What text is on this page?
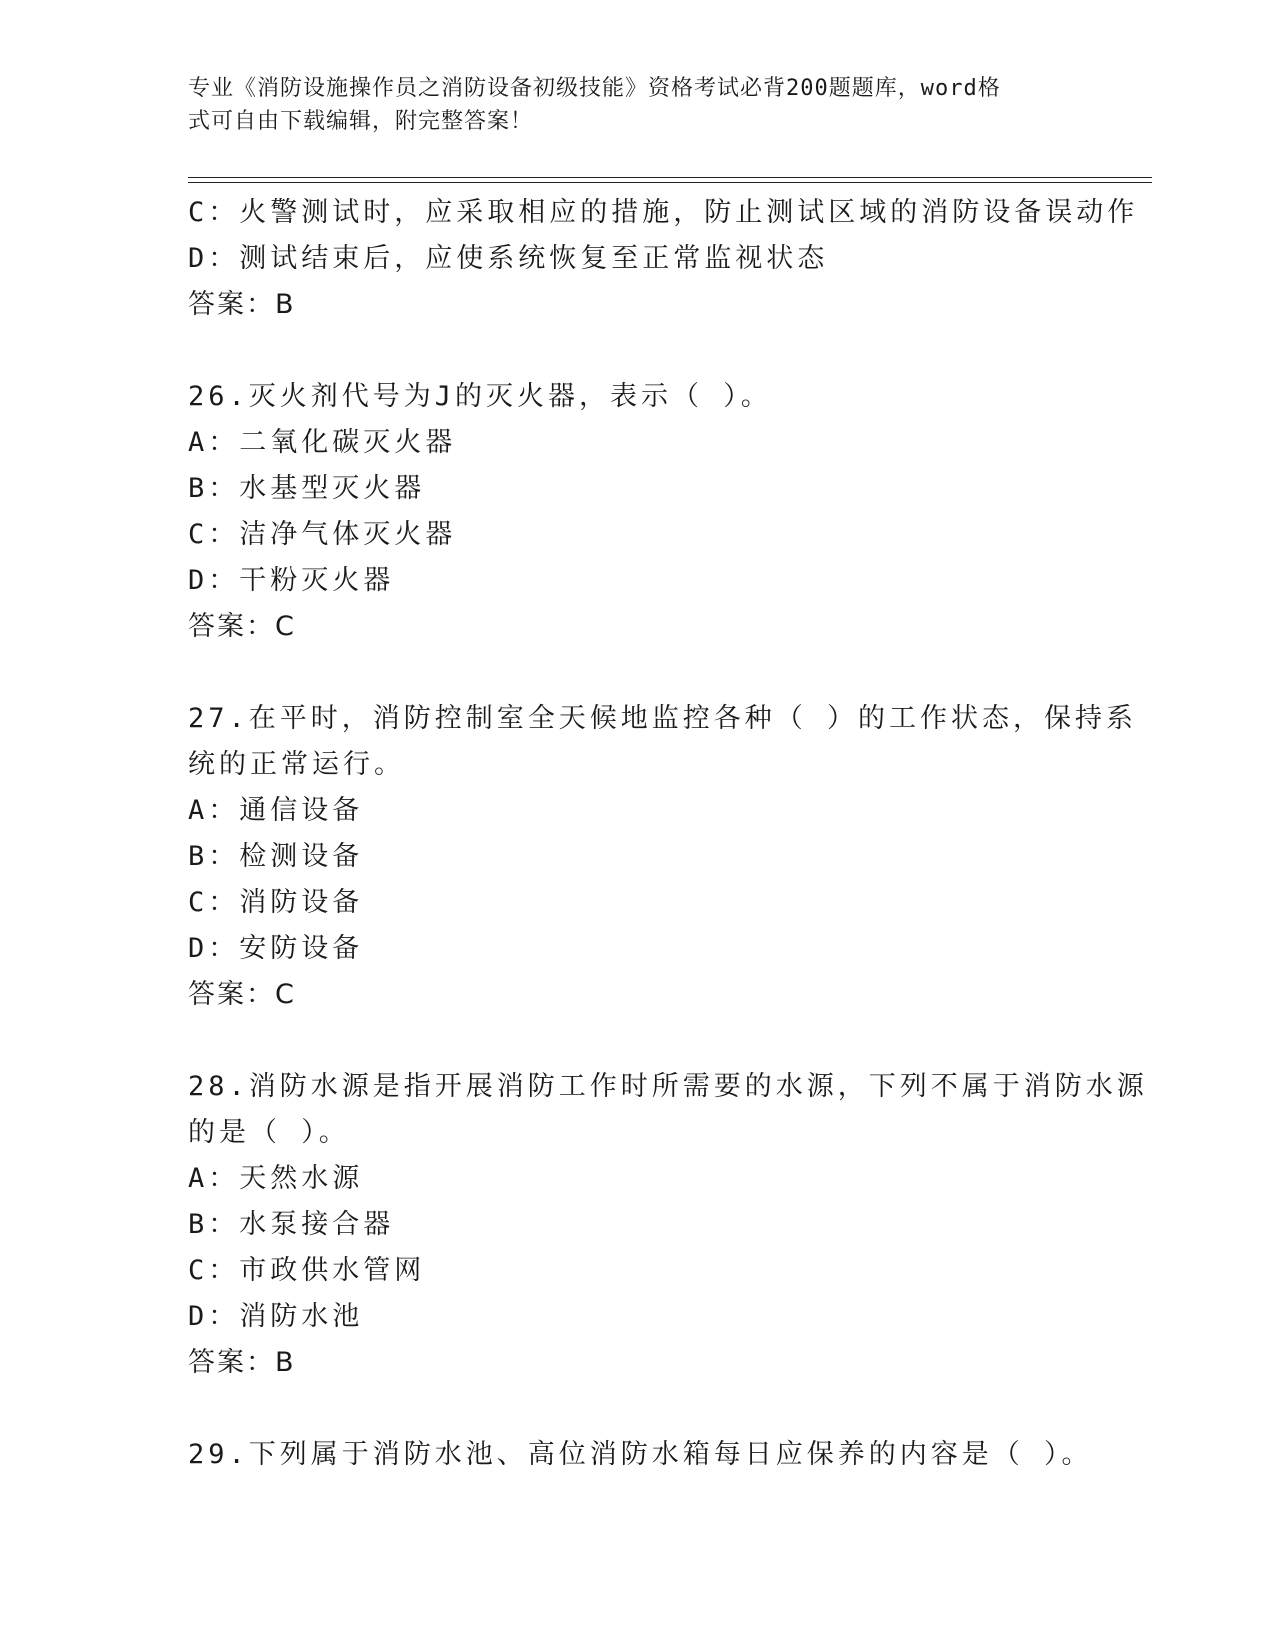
专业《消防设施操作员之消防设备初级技能》资格考试必背200题题库，word格
式可自由下载编辑，附完整答案！
C：火警测试时，应采取相应的措施，防止测试区域的消防设备误动作
D：测试结束后，应使系统恢复至正常监视状态
答案：B
26.灭火剂代号为J的灭火器，表示（ ）。
A：二氧化碳灭火器
B：水基型灭火器
C：洁净气体灭火器
D：干粉灭火器
答案：C
27.在平时，消防控制室全天候地监控各种（ ）的工作状态，保持系
统的正常运行。
A：通信设备
B：检测设备
C：消防设备
D：安防设备
答案：C
28.消防水源是指开展消防工作时所需要的水源，下列不属于消防水源
的是（ ）。
A：天然水源
B：水泵接合器
C：市政供水管网
D：消防水池
答案：B
29.下列属于消防水池、高位消防水箱每日应保养的内容是（ ）。
